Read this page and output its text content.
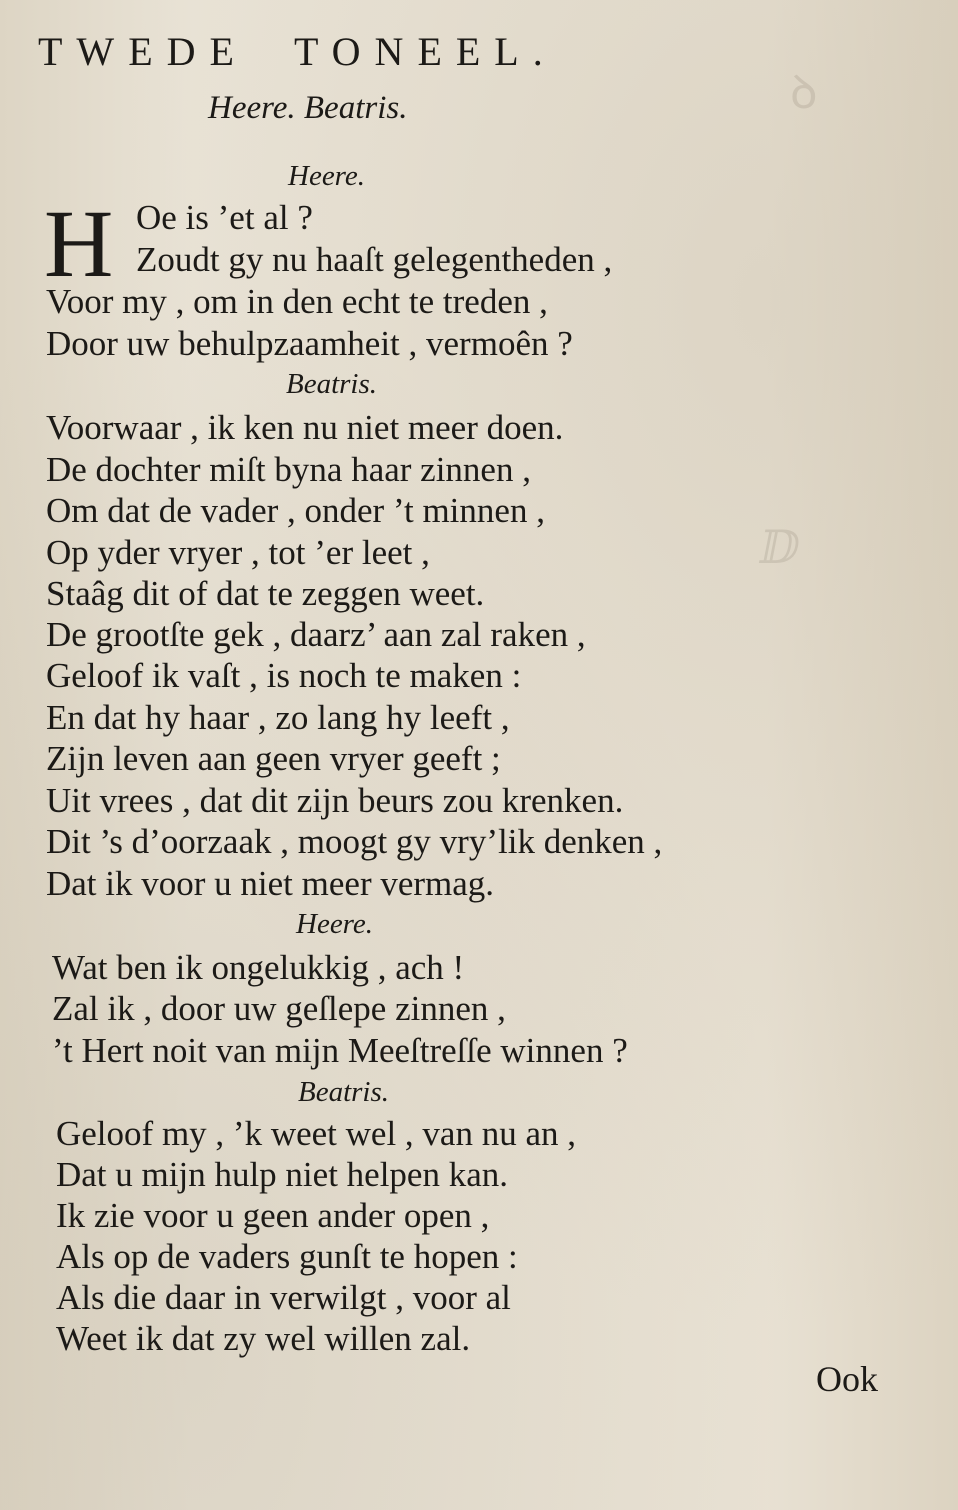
TWEDE TONEEL.
Heere. Beatris.
Heere.
H Oe is ’et al ?
Zoudt gy nu haaſt gelegentheden ,
Voor my , om in den echt te treden ,
Door uw behulpzaamheit , vermoên ?
Beatris.
Voorwaar , ik ken nu niet meer doen.
De dochter miſt byna haar zinnen ,
Om dat de vader , onder ’t minnen ,
Op yder vryer , tot ’er leet ,
Staâg dit of dat te zeggen weet.
De grootſte gek , daarz’ aan zal raken ,
Geloof ik vaſt , is noch te maken :
En dat hy haar , zo lang hy leeft ,
Zijn leven aan geen vryer geeft ;
Uit vrees , dat dit zijn beurs zou krenken.
Dit ’s d’oorzaak , moogt gy vry’lik denken ,
Dat ik voor u niet meer vermag.
Heere.
Wat ben ik ongelukkig , ach !
Zal ik , door uw geſlepe zinnen ,
’t Hert noit van mijn Meeſtreſſe winnen ?
Beatris.
Geloof my , ’k weet wel , van nu an ,
Dat u mijn hulp niet helpen kan.
Ik zie voor u geen ander open ,
Als op de vaders gunſt te hopen :
Als die daar in verwilgt , voor al
Weet ik dat zy wel willen zal.
Ook
ꝺ
ⅅ
